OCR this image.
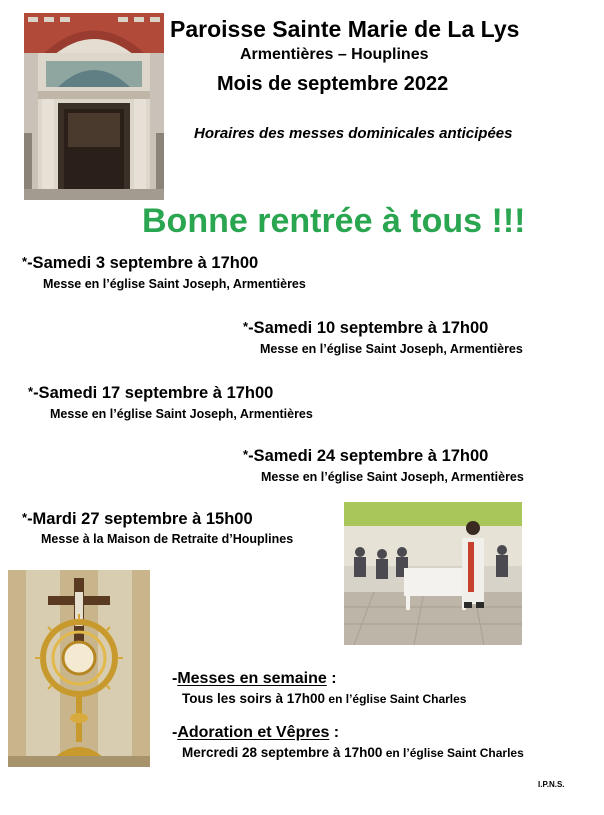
Paroisse Sainte Marie de La Lys
Armentières – Houplines
Mois de septembre 2022
Horaires des messes dominicales anticipées
Bonne rentrée à tous !!!
*-Samedi 3 septembre à 17h00
Messe en l’église Saint Joseph, Armentières
*-Samedi 10 septembre à 17h00
Messe en l’église Saint Joseph, Armentières
*-Samedi 17 septembre à 17h00
Messe en l’église Saint Joseph, Armentières
*-Samedi 24 septembre à 17h00
Messe en l’église Saint Joseph, Armentières
*-Mardi 27 septembre à 15h00
Messe à la Maison de Retraite d’Houplines
-Messes en semaine :
Tous les soirs à 17h00 en l’église Saint Charles
-Adoration et Vêpres :
Mercredi 28 septembre à 17h00 en l’église Saint Charles
I.P.N.S.
